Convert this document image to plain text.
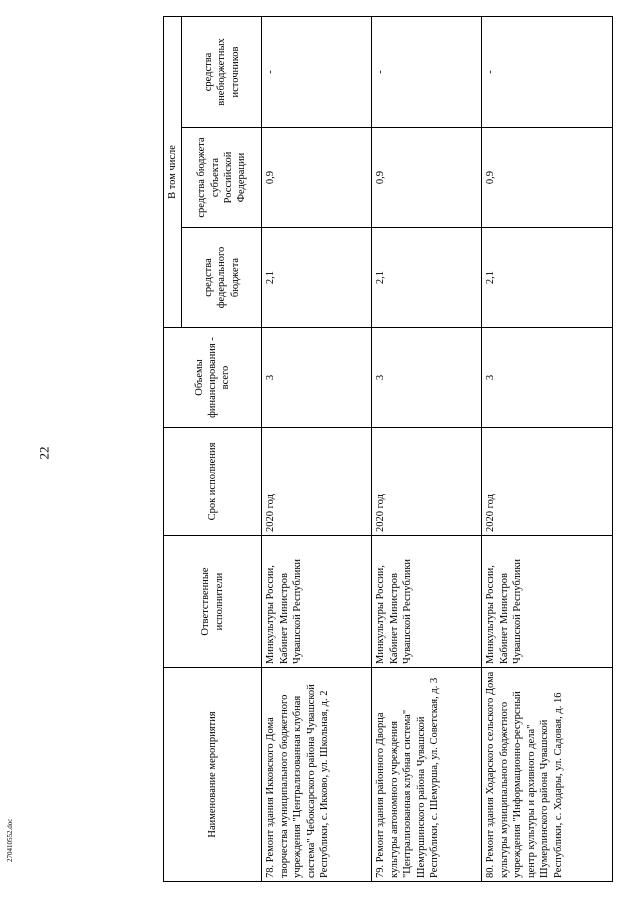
22
270410552.doc
Наименование мероприятия	Ответственные исполнители	Срок исполнения	Объемы финансирования - всего	В том числе		
				средства федерального бюджета	средства бюджета субъекта Российской Федерации	средства внебюджетных источников
78. Ремонт здания Икковского Дома творчества муниципального бюджетного учреждения "Централизованная клубная система" Чебоксарского района Чувашской Республики, с. Икково, ул. Школьная, д. 2	Минкультуры России, Кабинет Министров Чувашской Республики	2020 год	3	2,1	0,9	-
79. Ремонт здания районного Дворца культуры автономного учреждения "Централизованная клубная система" Шемуршинского района Чувашской Республики, с. Шемурша, ул. Советская, д. 3	Минкультуры России, Кабинет Министров Чувашской Республики	2020 год	3	2,1	0,9	-
80. Ремонт здания Ходарского сельского Дома культуры муниципального бюджетного учреждения "Информационно-ресурсный центр культуры и архивного дела" Шумерлинского района Чувашской Республики, с. Ходары, ул. Садовая, д. 16	Минкультуры России, Кабинет Министров Чувашской Республики	2020 год	3	2,1	0,9	-
